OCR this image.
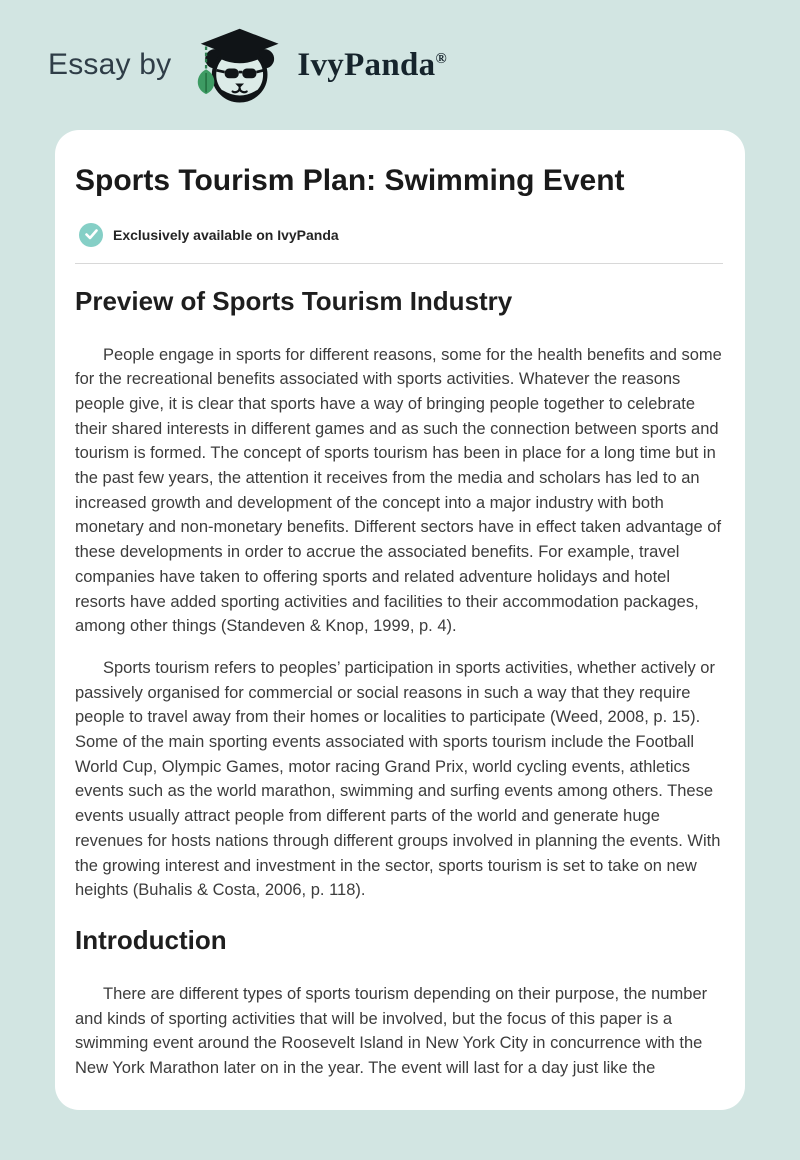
Essay by	IvyPanda®
Sports Tourism Plan: Swimming Event
Exclusively available on IvyPanda
Preview of Sports Tourism Industry

People engage in sports for different reasons, some for the health benefits and some for the recreational benefits associated with sports activities. Whatever the reasons people give, it is clear that sports have a way of bringing people together to celebrate their shared interests in different games and as such the connection between sports and tourism is formed. The concept of sports tourism has been in place for a long time but in the past few years, the attention it receives from the media and scholars has led to an increased growth and development of the concept into a major industry with both monetary and non-monetary benefits. Different sectors have in effect taken advantage of these developments in order to accrue the associated benefits. For example, travel companies have taken to offering sports and related adventure holidays and hotel resorts have added sporting activities and facilities to their accommodation packages, among other things (Standeven & Knop, 1999, p. 4).

Sports tourism refers to peoples’ participation in sports activities, whether actively or passively organised for commercial or social reasons in such a way that they require people to travel away from their homes or localities to participate (Weed, 2008, p. 15). Some of the main sporting events associated with sports tourism include the Football World Cup, Olympic Games, motor racing Grand Prix, world cycling events, athletics events such as the world marathon, swimming and surfing events among others. These events usually attract people from different parts of the world and generate huge revenues for hosts nations through different groups involved in planning the events. With the growing interest and investment in the sector, sports tourism is set to take on new heights (Buhalis & Costa, 2006, p. 118).

Introduction

There are different types of sports tourism depending on their purpose, the number and kinds of sporting activities that will be involved, but the focus of this paper is a swimming event around the Roosevelt Island in New York City in concurrence with the New York Marathon later on in the year. The event will last for a day just like the
